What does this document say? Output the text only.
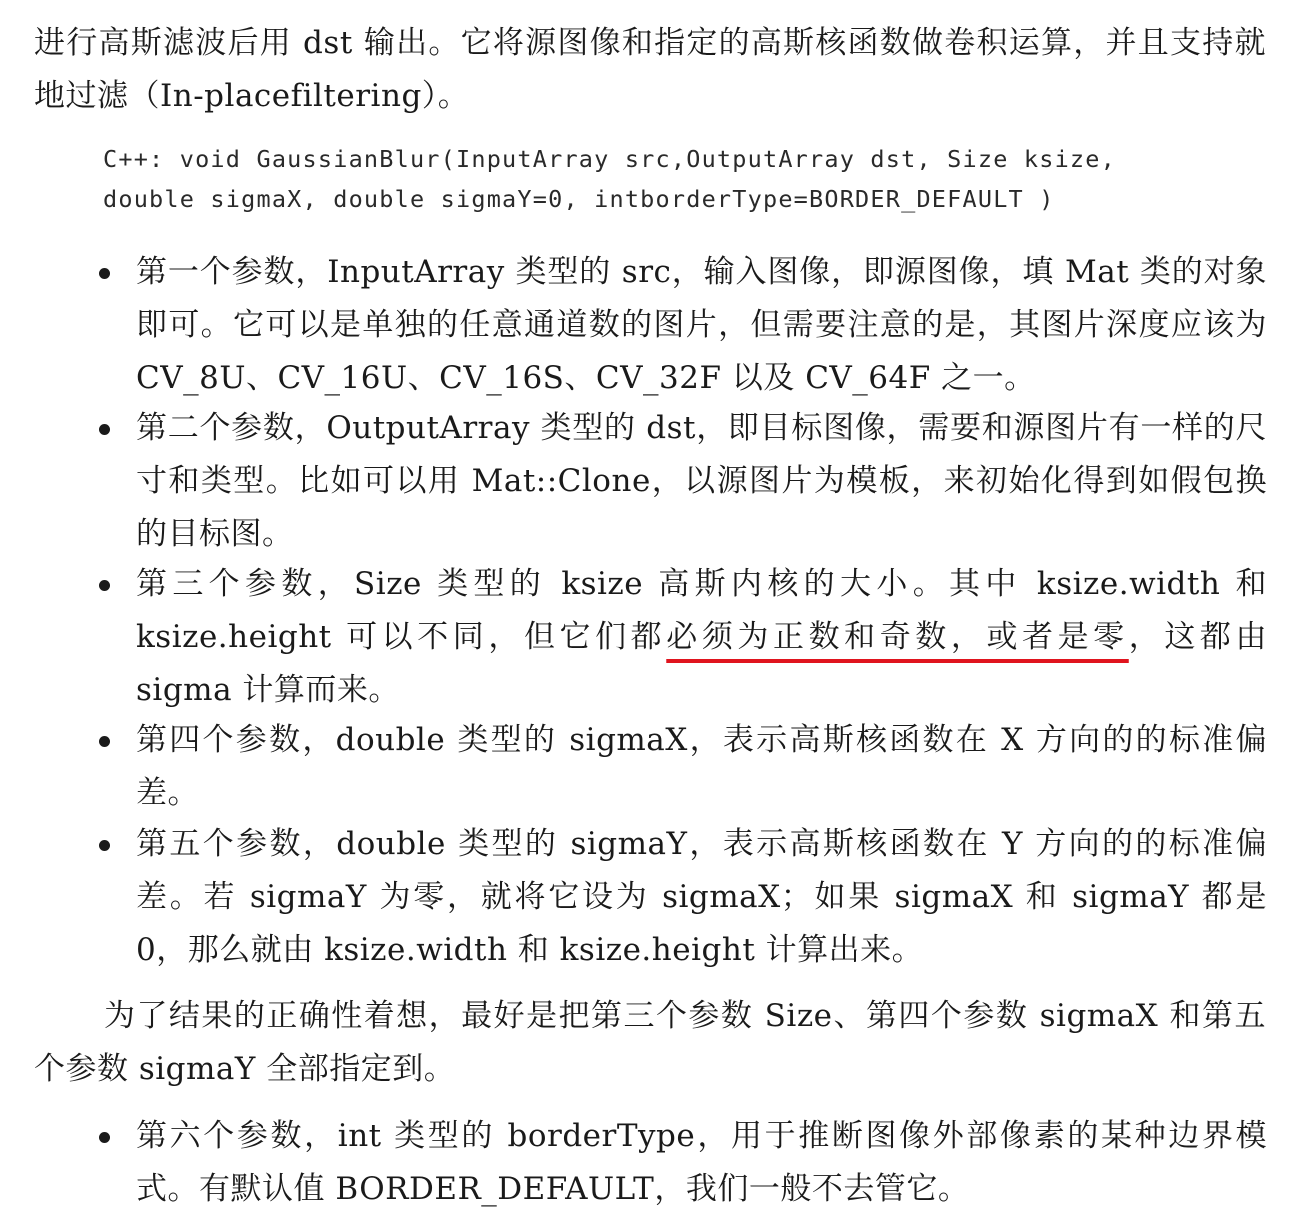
进行高斯滤波后用 dst 输出。它将源图像和指定的高斯核函数做卷积运算，并且支持就地过滤（In-placefiltering）。

C++: void GaussianBlur(InputArray src,OutputArray dst, Size ksize,
double sigmaX, double sigmaY=0, intborderType=BORDER_DEFAULT )
第一个参数，InputArray 类型的 src，输入图像，即源图像，填 Mat 类的对象即可。它可以是单独的任意通道数的图片，但需要注意的是，其图片深度应该为 CV_8U、CV_16U、CV_16S、CV_32F 以及 CV_64F 之一。
第二个参数，OutputArray 类型的 dst，即目标图像，需要和源图片有一样的尺寸和类型。比如可以用 Mat::Clone，以源图片为模板，来初始化得到如假包换的目标图。
第三个参数，Size 类型的 ksize 高斯内核的大小。其中 ksize.width 和 ksize.height 可以不同，但它们都必须为正数和奇数，或者是零，这都由 sigma 计算而来。
第四个参数，double 类型的 sigmaX，表示高斯核函数在 X 方向的的标准偏差。
第五个参数，double 类型的 sigmaY，表示高斯核函数在 Y 方向的的标准偏差。若 sigmaY 为零，就将它设为 sigmaX；如果 sigmaX 和 sigmaY 都是 0，那么就由 ksize.width 和 ksize.height 计算出来。

为了结果的正确性着想，最好是把第三个参数 Size、第四个参数 sigmaX 和第五个参数 sigmaY 全部指定到。

第六个参数，int 类型的 borderType，用于推断图像外部像素的某种边界模式。有默认值 BORDER_DEFAULT，我们一般不去管它。
